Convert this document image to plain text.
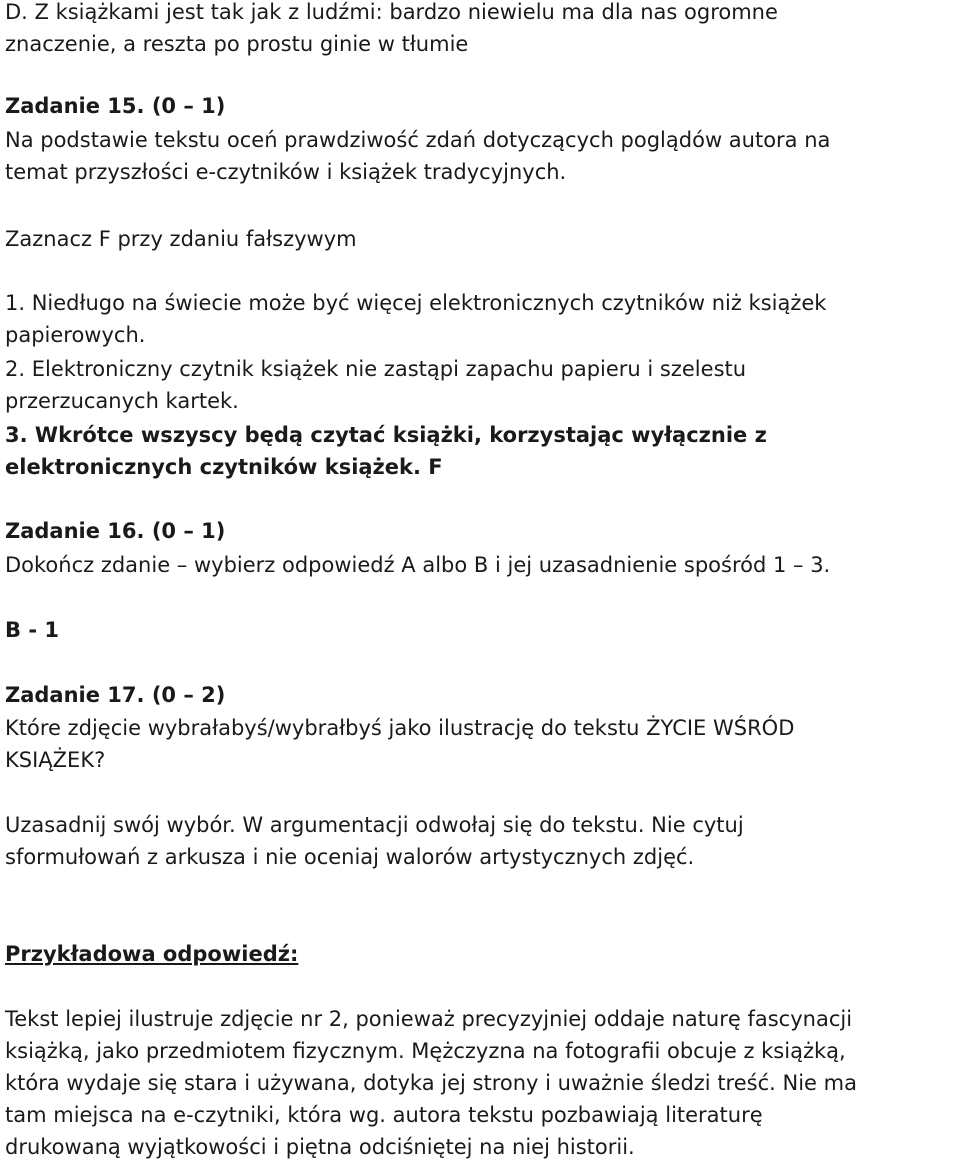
D. Z książkami jest tak jak z ludźmi: bardzo niewielu ma dla nas ogromne
znaczenie, a reszta po prostu ginie w tłumie

Zadanie 15. (0 – 1)

Na podstawie tekstu oceń prawdziwość zdań dotyczących poglądów autora na
temat przyszłości e-czytników i książek tradycyjnych.

Zaznacz F przy zdaniu fałszywym

1. Niedługo na świecie może być więcej elektronicznych czytników niż książek
papierowych.

2. Elektroniczny czytnik książek nie zastąpi zapachu papieru i szelestu
przerzucanych kartek.

3. Wkrótce wszyscy będą czytać książki, korzystając wyłącznie z
elektronicznych czytników książek. F

Zadanie 16. (0 – 1)

Dokończ zdanie – wybierz odpowiedź A albo B i jej uzasadnienie spośród 1 – 3.

B - 1

Zadanie 17. (0 – 2)

Które zdjęcie wybrałabyś/wybrałbyś jako ilustrację do tekstu ŻYCIE WŚRÓD
KSIĄŻEK?

Uzasadnij swój wybór. W argumentacji odwołaj się do tekstu. Nie cytuj
sformułowań z arkusza i nie oceniaj walorów artystycznych zdjęć.

Przykładowa odpowiedź:

Tekst lepiej ilustruje zdjęcie nr 2, ponieważ precyzyjniej oddaje naturę fascynacji
książką, jako przedmiotem fizycznym. Mężczyzna na fotografii obcuje z książką,
która wydaje się stara i używana, dotyka jej strony i uważnie śledzi treść. Nie ma
tam miejsca na e-czytniki, która wg. autora tekstu pozbawiają literaturę
drukowaną wyjątkowości i piętna odciśniętej na niej historii.
